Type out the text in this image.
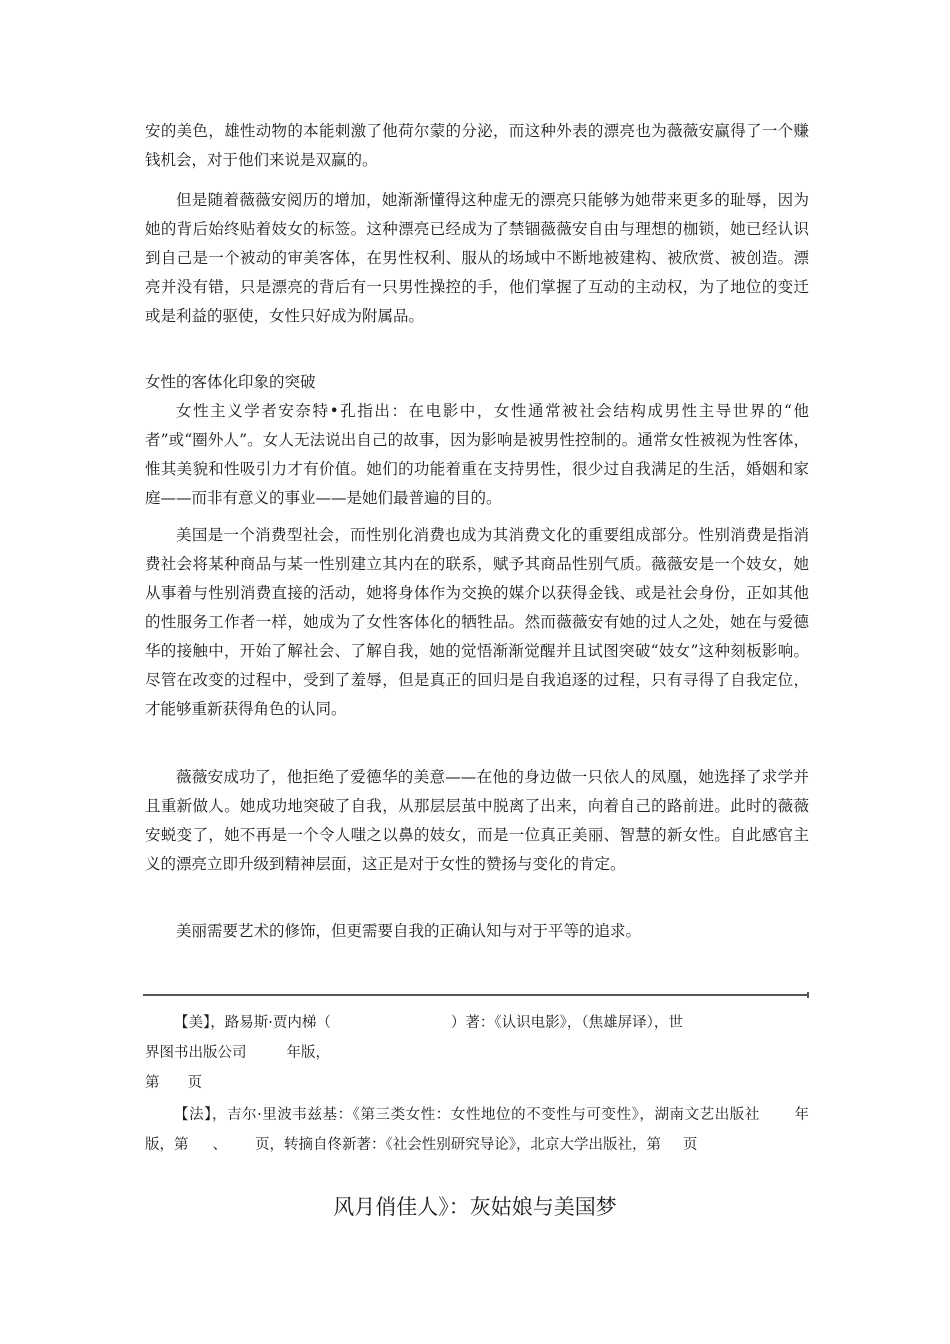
安的美色，雄性动物的本能刺激了他荷尔蒙的分泌，而这种外表的漂亮也为薇薇安赢得了一个赚钱机会，对于他们来说是双赢的。

但是随着薇薇安阅历的增加，她渐渐懂得这种虚无的漂亮只能够为她带来更多的耻辱，因为她的背后始终贴着妓女的标签。这种漂亮已经成为了禁锢薇薇安自由与理想的枷锁，她已经认识到自己是一个被动的审美客体，在男性权利、服从的场域中不断地被建构、被欣赏、被创造。漂亮并没有错，只是漂亮的背后有一只男性操控的手，他们掌握了互动的主动权，为了地位的变迁或是利益的驱使，女性只好成为附属品。

女性的客体化印象的突破

女性主义学者安奈特•孔指出：在电影中，女性通常被社会结构成男性主导世界的“他者”或“圈外人”。女人无法说出自己的故事，因为影响是被男性控制的。通常女性被视为性客体，惟其美貌和性吸引力才有价值。她们的功能着重在支持男性，很少过自我满足的生活，婚姻和家庭——而非有意义的事业——是她们最普遍的目的。

美国是一个消费型社会，而性别化消费也成为其消费文化的重要组成部分。性别消费是指消费社会将某种商品与某一性别建立其内在的联系，赋予其商品性别气质。薇薇安是一个妓女，她从事着与性别消费直接的活动，她将身体作为交换的媒介以获得金钱、或是社会身份，正如其他的性服务工作者一样，她成为了女性客体化的牺牲品。然而薇薇安有她的过人之处，她在与爱德华的接触中，开始了解社会、了解自我，她的觉悟渐渐觉醒并且试图突破“妓女”这种刻板影响。尽管在改变的过程中，受到了羞辱，但是真正的回归是自我追逐的过程，只有寻得了自我定位，才能够重新获得角色的认同。

薇薇安成功了，他拒绝了爱德华的美意——在他的身边做一只依人的凤凰，她选择了求学并且重新做人。她成功地突破了自我，从那层层茧中脱离了出来，向着自己的路前进。此时的薇薇安蜕变了，她不再是一个令人嗤之以鼻的妓女，而是一位真正美丽、智慧的新女性。自此感官主义的漂亮立即升级到精神层面，这正是对于女性的赞扬与变化的肯定。

美丽需要艺术的修饰，但更需要自我的正确认知与对于平等的追求。

【美】，路易斯·贾内梯（	）著：《认识电影》，（焦雄屏译），世

界图书出版公司	年版，

第 页

【法】，吉尔·里波韦兹基：《第三类女性：女性地位的不变性与可变性》，湖南文艺出版社 年版，第 、 页，转摘自佟新著：《社会性别研究导论》，北京大学出版社，第 页

风月俏佳人》：灰姑娘与美国梦
